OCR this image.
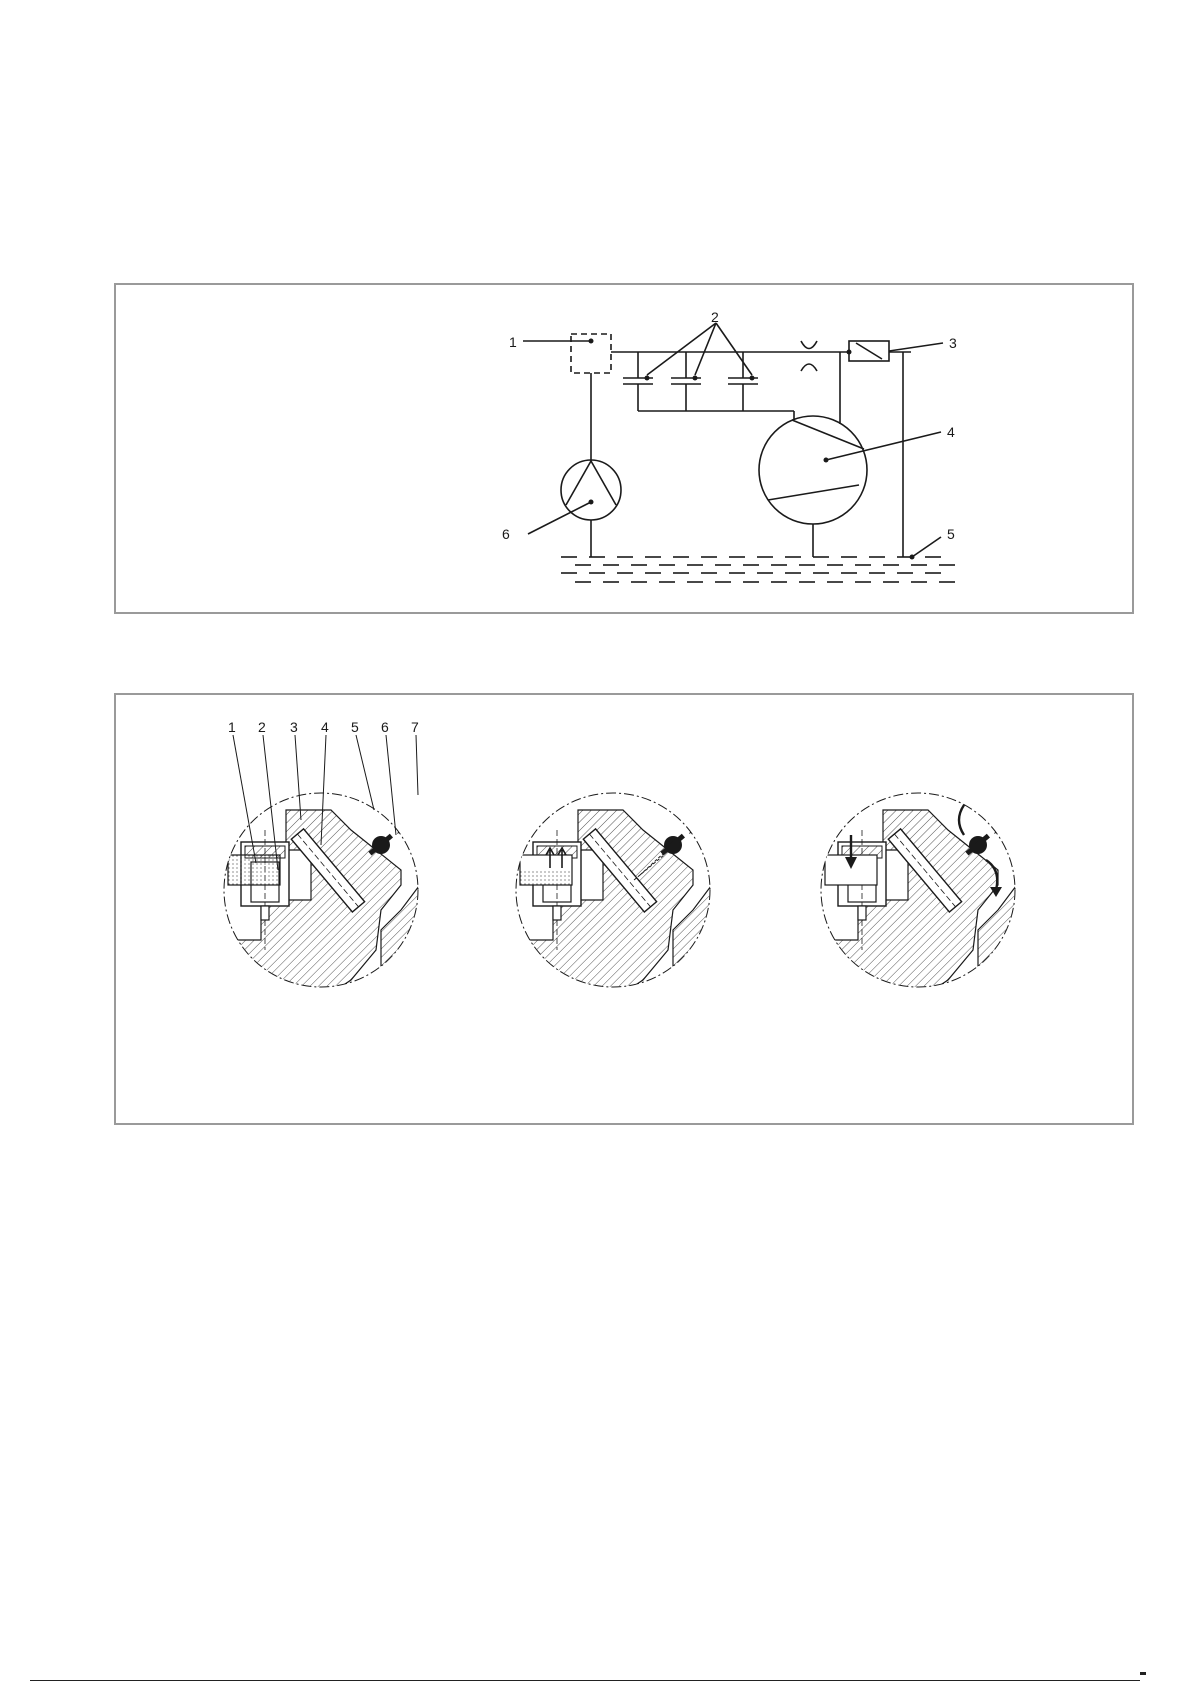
1
2
3
4
5
6
1 2 3 4 5 6 7
